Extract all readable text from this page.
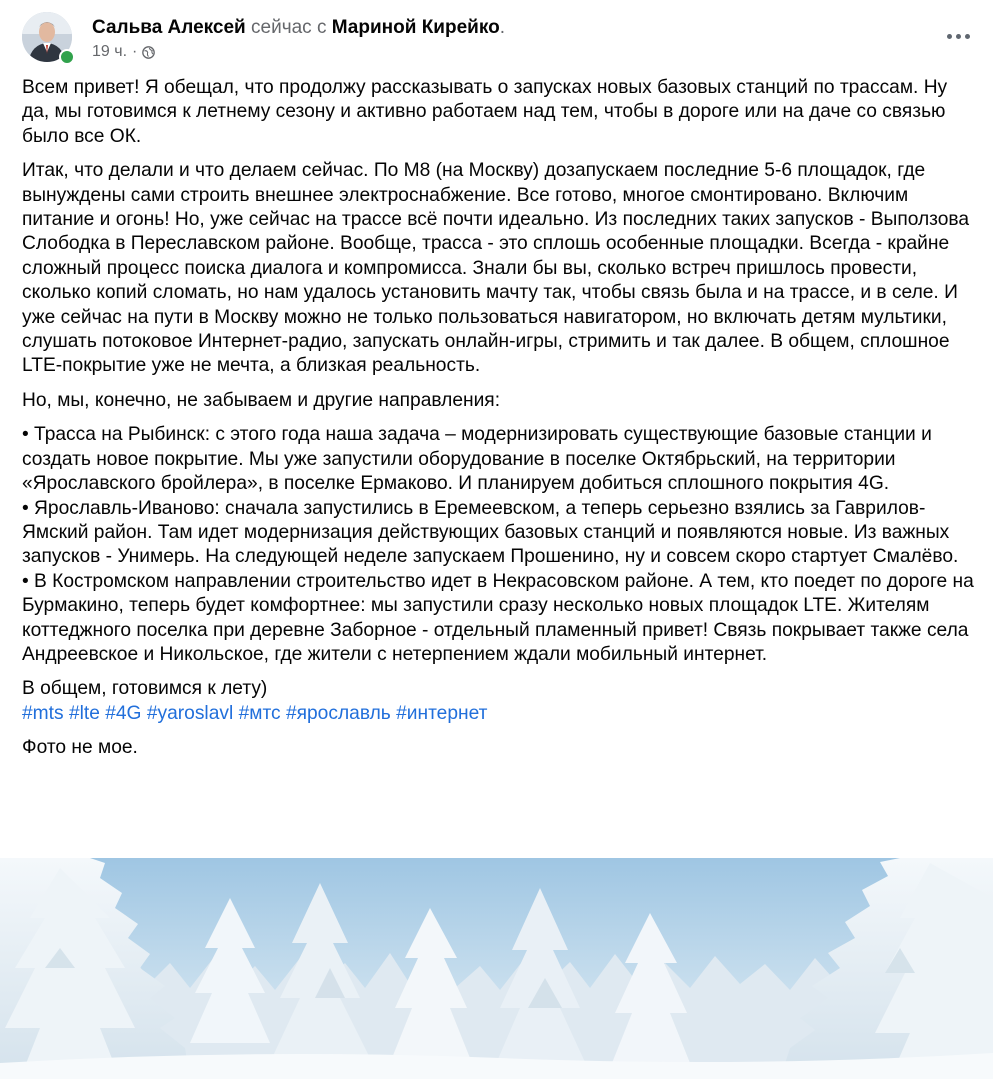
Сальва Алексей сейчас с Мариной Кирейко.
19 ч. ·

Всем привет! Я обещал, что продолжу рассказывать о запусках новых базовых станций по трассам. Ну да, мы готовимся к летнему сезону и активно работаем над тем, чтобы в дороге или на даче со связью было все ОК.

Итак, что делали и что делаем сейчас. По М8 (на Москву) дозапускаем последние 5-6 площадок, где вынуждены сами строить внешнее электроснабжение. Все готово, многое смонтировано. Включим питание и огонь! Но, уже сейчас на трассе всё почти идеально. Из последних таких запусков - Выползова Слободка в Переславском районе. Вообще, трасса - это сплошь особенные площадки. Всегда - крайне сложный процесс поиска диалога и компромисса. Знали бы вы, сколько встреч пришлось провести, сколько копий сломать, но нам удалось установить мачту так, чтобы связь была и на трассе, и в селе. И уже сейчас на пути в Москву можно не только пользоваться навигатором, но включать детям мультики, слушать потоковое Интернет-радио, запускать онлайн-игры, стримить и так далее. В общем, сплошное LTE-покрытие уже не мечта, а близкая реальность.

Но, мы, конечно, не забываем и другие направления:

• Трасса на Рыбинск: с этого года наша задача – модернизировать существующие базовые станции и создать новое покрытие. Мы уже запустили оборудование в поселке Октябрьский, на территории «Ярославского бройлера», в поселке Ермаково. И планируем добиться сплошного покрытия 4G.

• Ярославль-Иваново: сначала запустились в Еремеевском, а теперь серьезно взялись за Гаврилов-Ямский район. Там идет модернизация действующих базовых станций и появляются новые. Из важных запусков - Унимерь. На следующей неделе запускаем Прошенино, ну и совсем скоро стартует Смалёво.

• В Костромском направлении строительство идет в Некрасовском районе. А тем, кто поедет по дороге на Бурмакино, теперь будет комфортнее: мы запустили сразу несколько новых площадок LTE. Жителям коттеджного поселка при деревне Заборное - отдельный пламенный привет! Связь покрывает также села Андреевское и Никольское, где жители с нетерпением ждали мобильный интернет.

В общем, готовимся к лету)

#mts #lte #4G #yaroslavl #мтс #ярославль #интернет

Фото не мое.
